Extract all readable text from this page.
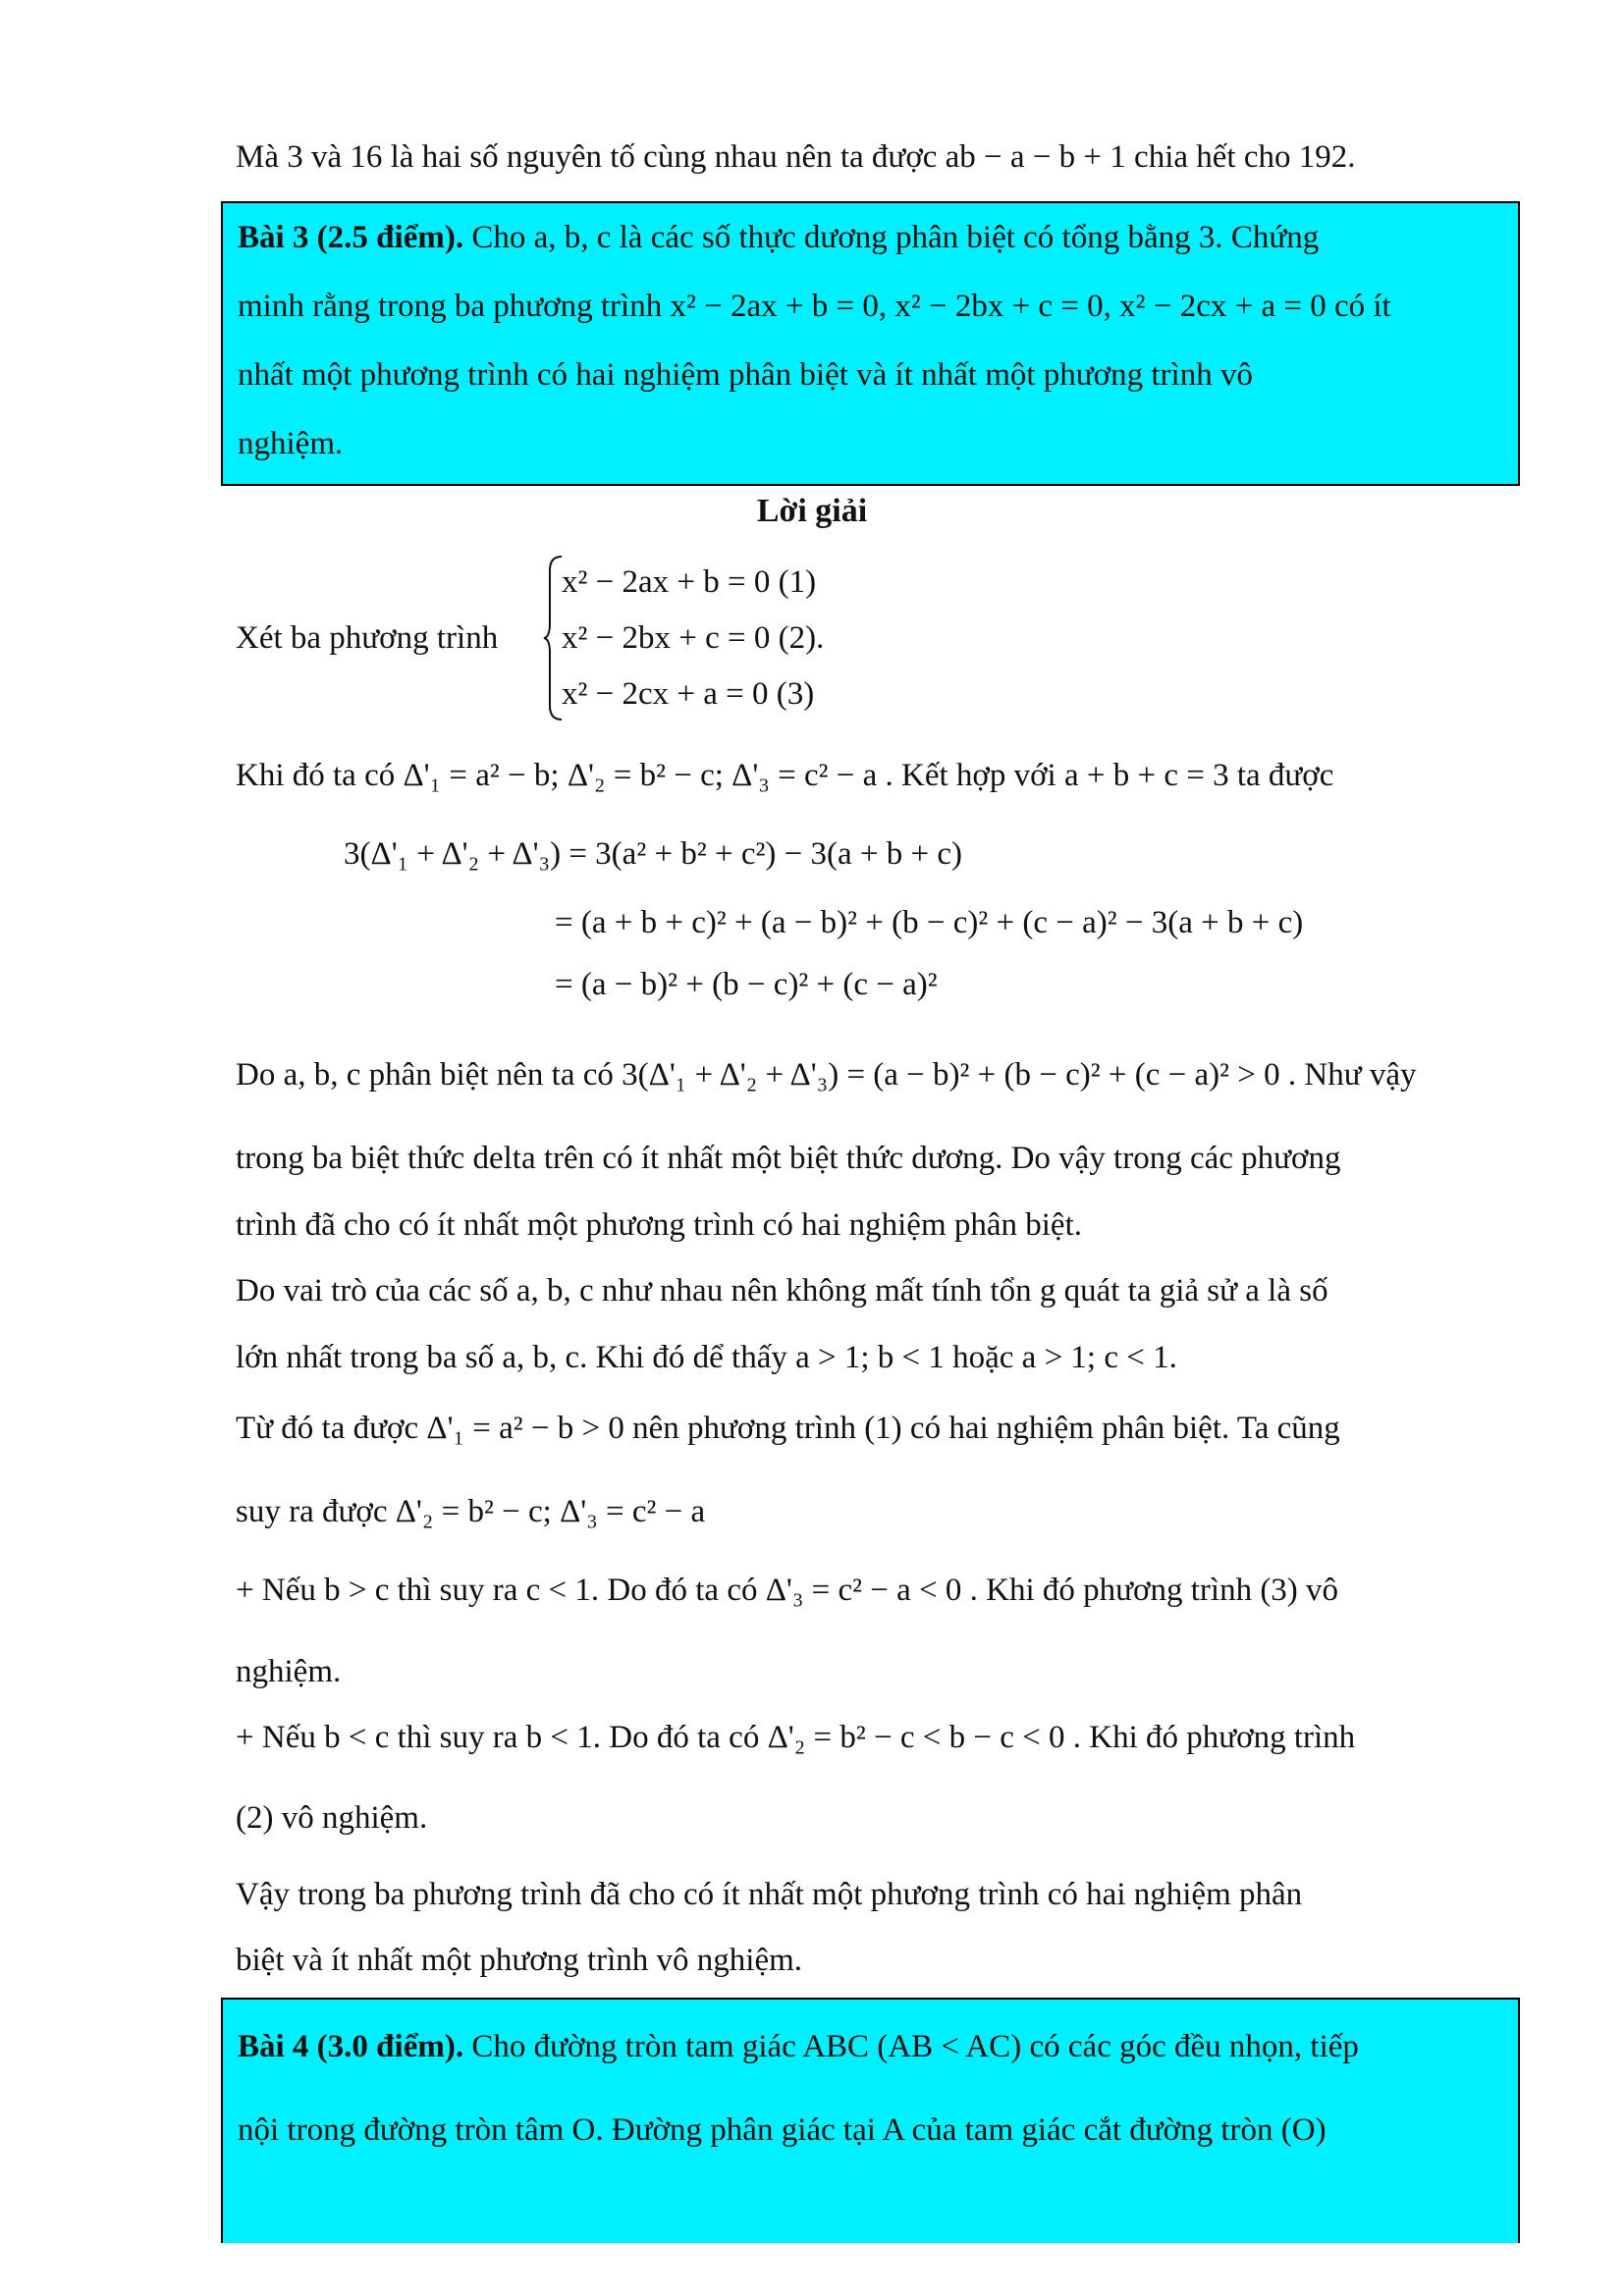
Mà 3 và 16 là hai số nguyên tố cùng nhau nên ta được ab − a − b + 1 chia hết cho 192.
Bài 3 (2.5 điểm). Cho a, b, c là các số thực dương phân biệt có tổng bằng 3. Chứng
minh rằng trong ba phương trình x² − 2ax + b = 0, x² − 2bx + c = 0, x² − 2cx + a = 0 có ít
nhất một phương trình có hai nghiệm phân biệt và ít nhất một phương trình vô
nghiệm.
Lời giải
Xét ba phương trình
x² − 2ax + b = 0 (1)
x² − 2bx + c = 0 (2).
x² − 2cx + a = 0 (3)
Khi đó ta có Δ'₁ = a² − b; Δ'₂ = b² − c; Δ'₃ = c² − a . Kết hợp với a + b + c = 3 ta được
3(Δ'₁ + Δ'₂ + Δ'₃) = 3(a² + b² + c²) − 3(a + b + c)
= (a + b + c)² + (a − b)² + (b − c)² + (c − a)² − 3(a + b + c)
= (a − b)² + (b − c)² + (c − a)²
Do a, b, c phân biệt nên ta có 3(Δ'₁ + Δ'₂ + Δ'₃) = (a − b)² + (b − c)² + (c − a)² > 0 . Như vậy
trong ba biệt thức delta trên có ít nhất một biệt thức dương. Do vậy trong các phương
trình đã cho có ít nhất một phương trình có hai nghiệm phân biệt.
Do vai trò của các số a, b, c như nhau nên không mất tính tổn g quát ta giả sử a là số
lớn nhất trong ba số a, b, c. Khi đó dể thấy a > 1; b < 1 hoặc a > 1; c < 1.
Từ đó ta được Δ'₁ = a² − b > 0 nên phương trình (1) có hai nghiệm phân biệt. Ta cũng
suy ra được Δ'₂ = b² − c; Δ'₃ = c² − a
+ Nếu b > c thì suy ra c < 1. Do đó ta có Δ'₃ = c² − a < 0 . Khi đó phương trình (3) vô
nghiệm.
+ Nếu b < c thì suy ra b < 1. Do đó ta có Δ'₂ = b² − c < b − c < 0 . Khi đó phương trình
(2) vô nghiệm.
Vậy trong ba phương trình đã cho có ít nhất một phương trình có hai nghiệm phân
biệt và ít nhất một phương trình vô nghiệm.
Bài 4 (3.0 điểm). Cho đường tròn tam giác ABC (AB < AC) có các góc đều nhọn, tiếp
nội trong đường tròn tâm O. Đường phân giác tại A của tam giác cắt đường tròn (O)
